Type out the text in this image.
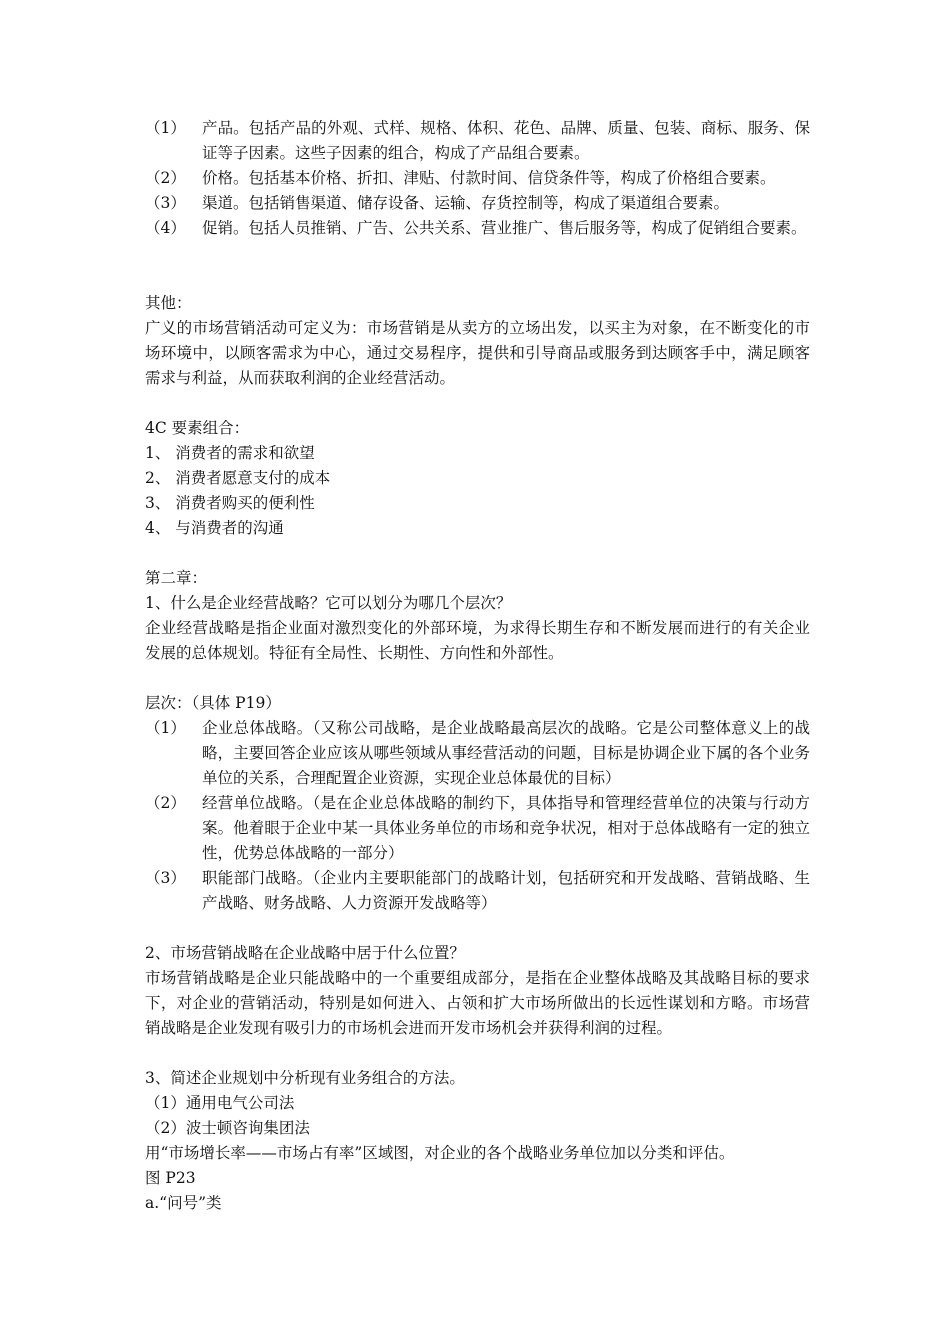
（1）	产品。包括产品的外观、式样、规格、体积、花色、品牌、质量、包装、商标、服务、保证等子因素。这些子因素的组合，构成了产品组合要素。
（2）	价格。包括基本价格、折扣、津贴、付款时间、信贷条件等，构成了价格组合要素。
（3）	渠道。包括销售渠道、储存设备、运输、存货控制等，构成了渠道组合要素。
（4）	促销。包括人员推销、广告、公共关系、营业推广、售后服务等，构成了促销组合要素。

其他：

广义的市场营销活动可定义为：市场营销是从卖方的立场出发，以买主为对象，在不断变化的市场环境中，以顾客需求为中心，通过交易程序，提供和引导商品或服务到达顾客手中，满足顾客需求与利益，从而获取利润的企业经营活动。

4C 要素组合：

1、 消费者的需求和欲望

2、 消费者愿意支付的成本

3、 消费者购买的便利性

4、 与消费者的沟通

第二章：

1、什么是企业经营战略？它可以划分为哪几个层次？

企业经营战略是指企业面对激烈变化的外部环境，为求得长期生存和不断发展而进行的有关企业发展的总体规划。特征有全局性、长期性、方向性和外部性。

层次：（具体 P19）

（1）	企业总体战略。（又称公司战略，是企业战略最高层次的战略。它是公司整体意义上的战略，主要回答企业应该从哪些领域从事经营活动的问题，目标是协调企业下属的各个业务单位的关系，合理配置企业资源，实现企业总体最优的目标）
（2）	经营单位战略。（是在企业总体战略的制约下，具体指导和管理经营单位的决策与行动方案。他着眼于企业中某一具体业务单位的市场和竞争状况，相对于总体战略有一定的独立性，优势总体战略的一部分）
（3）	职能部门战略。（企业内主要职能部门的战略计划，包括研究和开发战略、营销战略、生产战略、财务战略、人力资源开发战略等）

2、市场营销战略在企业战略中居于什么位置？

市场营销战略是企业只能战略中的一个重要组成部分，是指在企业整体战略及其战略目标的要求下，对企业的营销活动，特别是如何进入、占领和扩大市场所做出的长远性谋划和方略。市场营销战略是企业发现有吸引力的市场机会进而开发市场机会并获得利润的过程。

3、简述企业规划中分析现有业务组合的方法。

（1）通用电气公司法

（2）波士顿咨询集团法

用“市场增长率——市场占有率”区域图，对企业的各个战略业务单位加以分类和评估。

图 P23

a.“问号”类
